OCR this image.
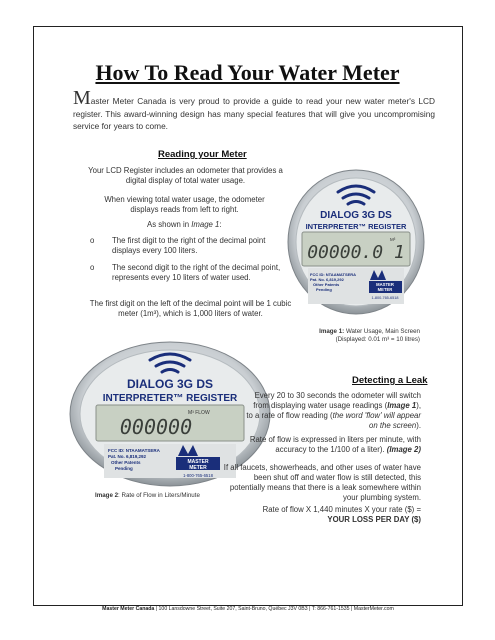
How To Read Your Water Meter
Master Meter Canada is very proud to provide a guide to read your new water meter's LCD register. This award-winning design has many special features that will give you uncompromising service for years to come.
Reading your Meter
Your LCD Register includes an odometer that provides a digital display of total water usage.
When viewing total water usage, the odometer displays reads from left to right.
As shown in Image 1:
o The first digit to the right of the decimal point displays every 100 liters.
o The second digit to the right of the decimal point, represents every 10 liters of water used.
The first digit on the left of the decimal point will be 1 cubic meter (1m³), which is 1,000 liters of water.
DIALOG 3G DS
INTERPRETER™ REGISTER
M³
00000.0 1
FCC ID: NTAAMATSERA
Pat. No. 6,819,292
Other Patents
Pending
MASTER
METER
1-800-765-6518
Image 1: Water Usage, Main Screen
(Displayed: 0.01 m³ = 10 litres)
DIALOG 3G DS
INTERPRETER™ REGISTER
M³ FLOW
000000
FCC ID: NTAAMATSERA
Pat. No. 6,819,292
Other Patents
Pending
MASTER
METER
1-800-765-6518
Image 2: Rate of Flow in Liters/Minute
Detecting a Leak
Every 20 to 30 seconds the odometer will switch from displaying water usage readings (Image 1), to a rate of flow reading (the word 'flow' will appear on the screen).
Rate of flow is expressed in liters per minute, with accuracy to the 1/100 of a liter). (Image 2)
If all faucets, showerheads, and other uses of water have been shut off and water flow is still detected, this potentially means that there is a leak somewhere within your plumbing system.
Rate of flow X 1,440 minutes X your rate ($) =
YOUR LOSS PER DAY ($)
Master Meter Canada | 100 Lansdowne Street, Suite 207, Saint-Bruno, Québec J3V 0B3 | T: 866-761-1535 | MasterMeter.com
